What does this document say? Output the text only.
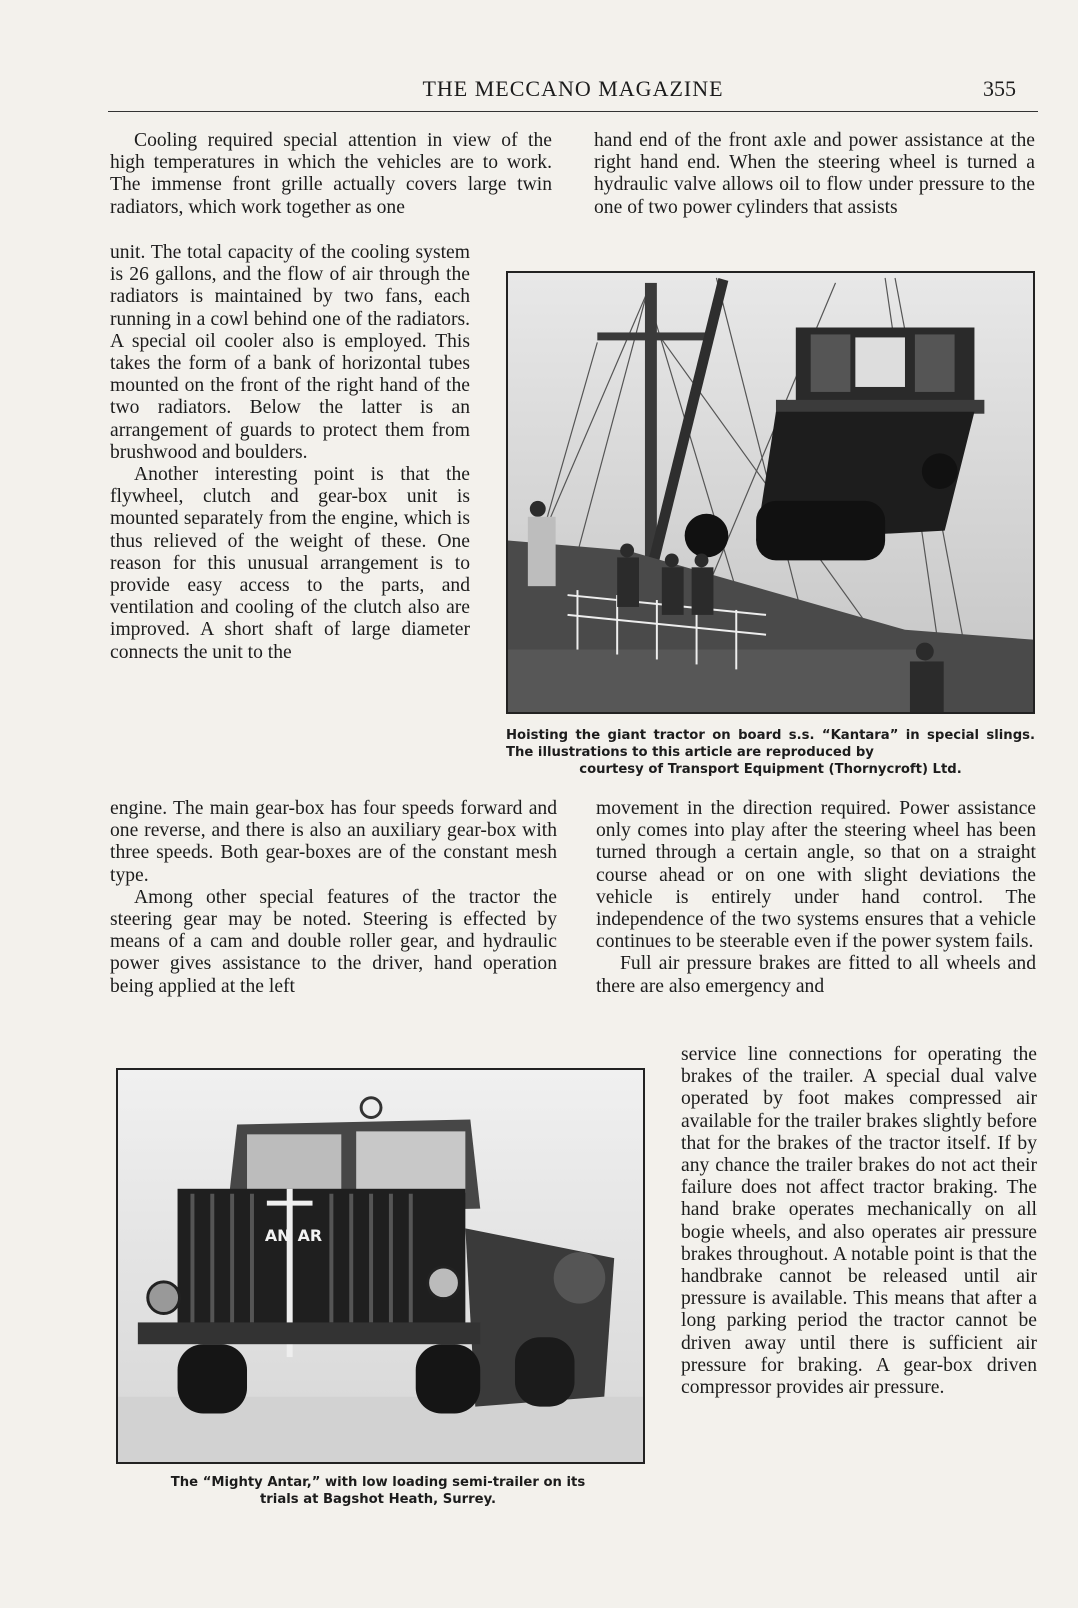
THE MECCANO MAGAZINE	355

Cooling required special attention in view of the high temperatures in which the vehicles are to work. The immense front grille actually covers large twin radiators, which work together as one

unit. The total capacity of the cooling system is 26 gallons, and the flow of air through the radiators is maintained by two fans, each running in a cowl behind one of the radiators. A special oil cooler also is employed. This takes the form of a bank of horizontal tubes mounted on the front of the right hand of the two radiators. Below the latter is an arrangement of guards to protect them from brushwood and boulders.

Another interesting point is that the flywheel, clutch and gear-box unit is mounted separately from the engine, which is thus relieved of the weight of these. One reason for this unusual arrangement is to provide easy access to the parts, and ventilation and cooling of the clutch also are improved. A short shaft of large diameter connects the unit to the

engine. The main gear-box has four speeds forward and one reverse, and there is also an auxiliary gear-box with three speeds. Both gear-boxes are of the constant mesh type.

Among other special features of the tractor the steering gear may be noted. Steering is effected by means of a cam and double roller gear, and hydraulic power gives assistance to the driver, hand operation being applied at the left

hand end of the front axle and power assistance at the right hand end. When the steering wheel is turned a hydraulic valve allows oil to flow under pressure to the one of two power cylinders that assists

Hoisting the giant tractor on board s.s. “Kantara” in special slings. The illustrations to this article are reproduced by
courtesy of Transport Equipment (Thornycroft) Ltd.

movement in the direction required. Power assistance only comes into play after the steering wheel has been turned through a certain angle, so that on a straight course ahead or on one with slight deviations the vehicle is entirely under hand control. The independence of the two systems ensures that a vehicle continues to be steerable even if the power system fails.

Full air pressure brakes are fitted to all wheels and there are also emergency and

service line connections for operating the brakes of the trailer. A special dual valve operated by foot makes compressed air available for the trailer brakes slightly before that for the brakes of the tractor itself. If by any chance the trailer brakes do not act their failure does not affect tractor braking. The hand brake operates mechanically on all bogie wheels, and also operates air pressure brakes throughout. A notable point is that the handbrake cannot be released until air pressure is available. This means that after a long parking period the tractor cannot be driven away until there is sufficient air pressure for braking. A gear-box driven compressor provides air pressure.

AN AR
The “Mighty Antar,” with low loading semi-trailer on its
trials at Bagshot Heath, Surrey.
